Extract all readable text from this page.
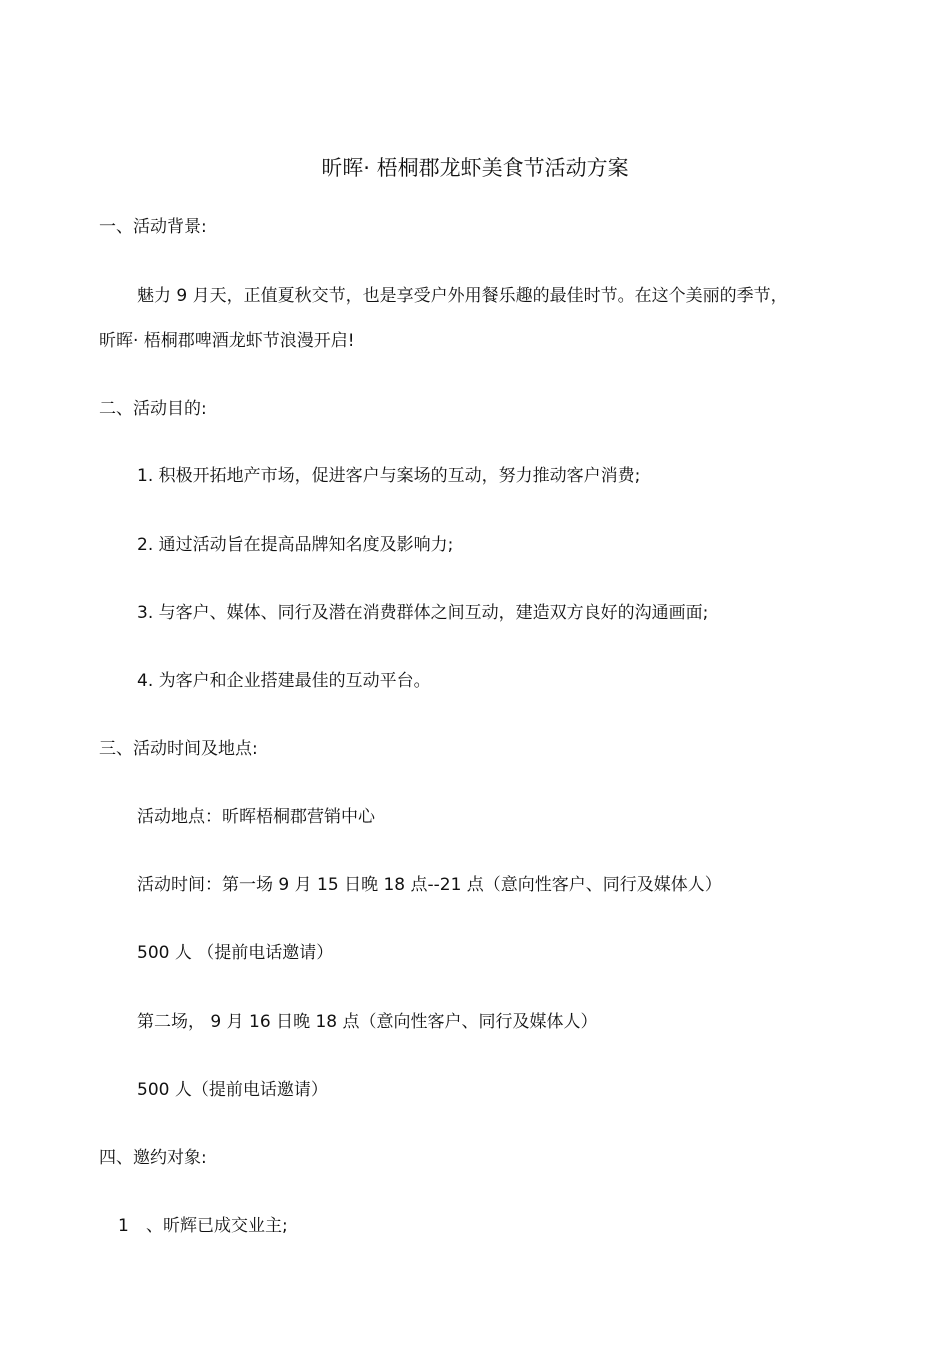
昕晖· 梧桐郡龙虾美食节活动方案
一、活动背景:
魅力 9 月天，正值夏秋交节，也是享受户外用餐乐趣的最佳时节。在这个美丽的季节，
昕晖· 梧桐郡啤酒龙虾节浪漫开启!
二、活动目的:
1. 积极开拓地产市场，促进客户与案场的互动，努力推动客户消费;
2. 通过活动旨在提高品牌知名度及影响力;
3. 与客户、媒体、同行及潜在消费群体之间互动，建造双方良好的沟通画面;
4. 为客户和企业搭建最佳的互动平台。
三、活动时间及地点:
活动地点：昕晖梧桐郡营销中心
活动时间：第一场 9 月 15 日晚 18 点--21 点（意向性客户、同行及媒体人）
500 人 （提前电话邀请）
第二场， 9 月 16 日晚 18 点（意向性客户、同行及媒体人）
500 人（提前电话邀请）
四、邀约对象:
1 、昕辉已成交业主;
